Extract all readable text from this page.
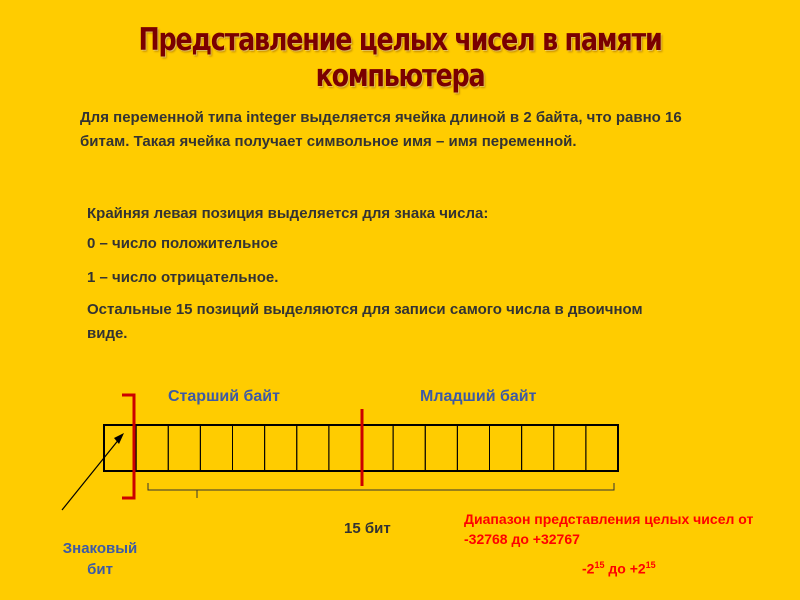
Представление целых чисел в памяти компьютера
Для переменной типа integer выделяется ячейка длиной в 2 байта, что равно 16 битам. Такая ячейка получает символьное имя – имя переменной.
Крайняя левая позиция выделяется для знака числа:
0 – число положительное
1 – число отрицательное.
Остальные 15 позиций выделяются для записи самого числа в двоичном виде.
Старший байт	Младший байт
15 бит
Знаковый бит
Диапазон представления целых чисел от -32768 до +32767
$-2^{15}$ до $+2^{15}$
